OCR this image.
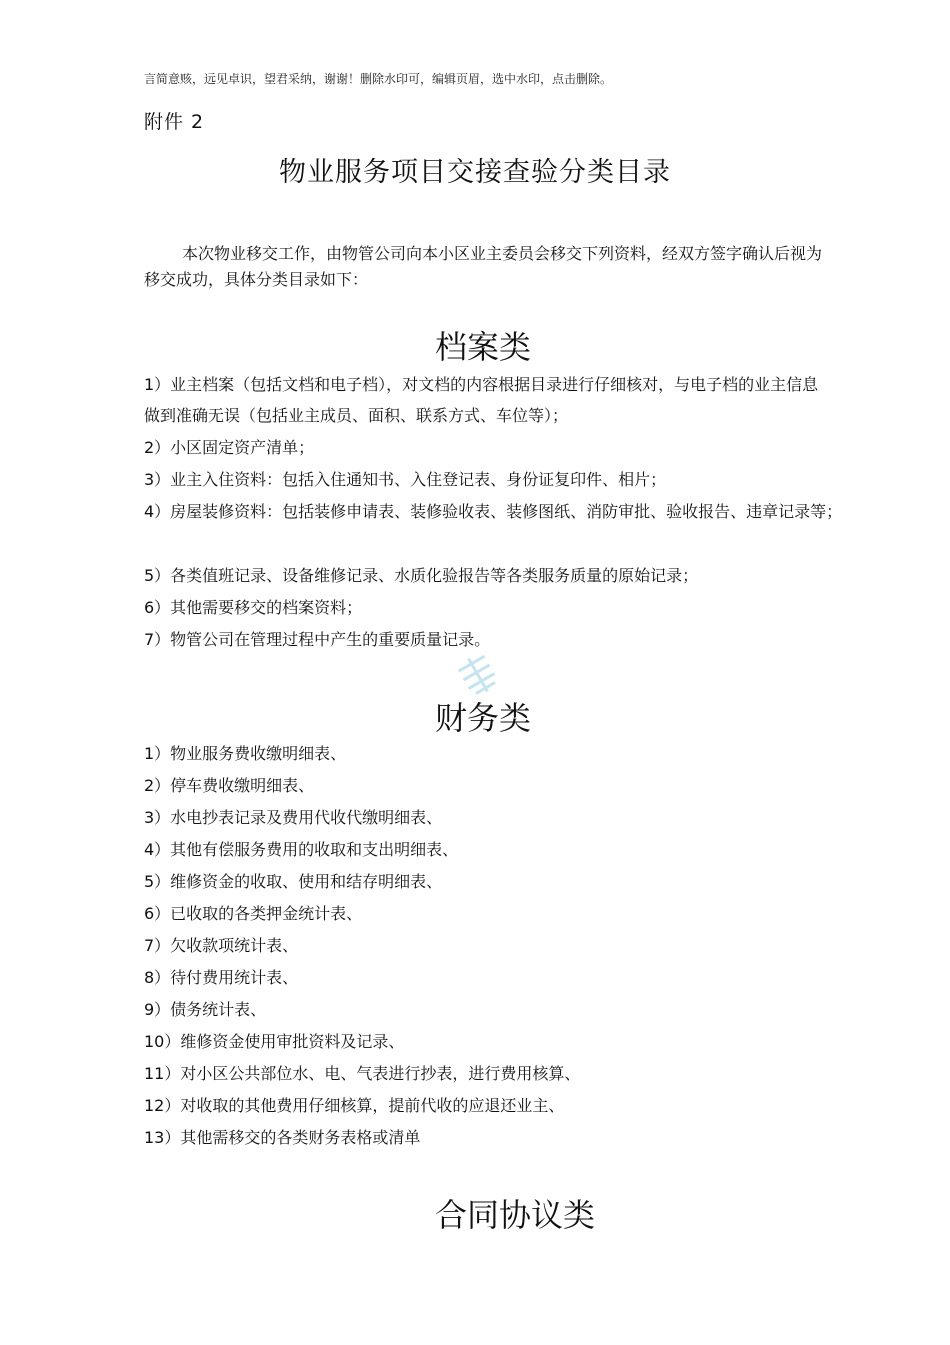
言简意赅，远见卓识，望君采纳，谢谢！删除水印可，编辑页眉，选中水印，点击删除。
附件 2
物业服务项目交接查验分类目录
本次物业移交工作，由物管公司向本小区业主委员会移交下列资料，经双方签字确认后视为移交成功，具体分类目录如下：
档案类
1）业主档案（包括文档和电子档），对文档的内容根据目录进行仔细核对，与电子档的业主信息做到准确无误（包括业主成员、面积、联系方式、车位等）；
2）小区固定资产清单；
3）业主入住资料：包括入住通知书、入住登记表、身份证复印件、相片；
4）房屋装修资料：包括装修申请表、装修验收表、装修图纸、消防审批、验收报告、违章记录等；
5）各类值班记录、设备维修记录、水质化验报告等各类服务质量的原始记录；
6）其他需要移交的档案资料；
7）物管公司在管理过程中产生的重要质量记录。
财务类
1）物业服务费收缴明细表、
2）停车费收缴明细表、
3）水电抄表记录及费用代收代缴明细表、
4）其他有偿服务费用的收取和支出明细表、
5）维修资金的收取、使用和结存明细表、
6）已收取的各类押金统计表、
7）欠收款项统计表、
8）待付费用统计表、
9）债务统计表、
10）维修资金使用审批资料及记录、
11）对小区公共部位水、电、气表进行抄表，进行费用核算、
12）对收取的其他费用仔细核算，提前代收的应退还业主、
13）其他需移交的各类财务表格或清单
合同协议类
